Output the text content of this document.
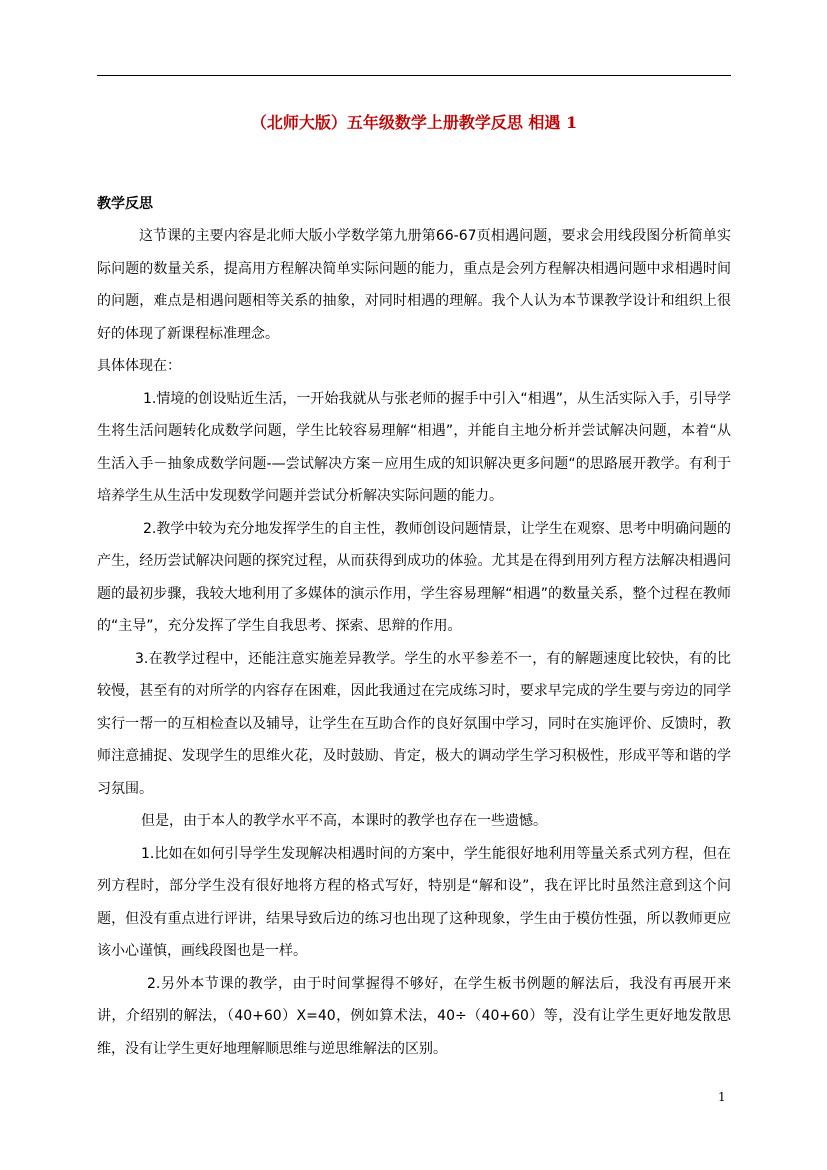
（北师大版）五年级数学上册教学反思 相遇 1
教学反思

这节课的主要内容是北师大版小学数学第九册第66-67页相遇问题，要求会用线段图分析简单实际问题的数量关系，提高用方程解决简单实际问题的能力，重点是会列方程解决相遇问题中求相遇时间的问题，难点是相遇问题相等关系的抽象，对同时相遇的理解。我个人认为本节课教学设计和组织上很好的体现了新课程标准理念。

具体体现在：

1.情境的创设贴近生活，一开始我就从与张老师的握手中引入“相遇”，从生活实际入手，引导学生将生活问题转化成数学问题，学生比较容易理解“相遇”，并能自主地分析并尝试解决问题，本着“从生活入手－抽象成数学问题-—尝试解决方案－应用生成的知识解决更多问题“的思路展开教学。有利于培养学生从生活中发现数学问题并尝试分析解决实际问题的能力。

2.教学中较为充分地发挥学生的自主性，教师创设问题情景，让学生在观察、思考中明确问题的产生，经历尝试解决问题的探究过程，从而获得到成功的体验。尤其是在得到用列方程方法解决相遇问题的最初步骤，我较大地利用了多媒体的演示作用，学生容易理解“相遇”的数量关系，整个过程在教师的“主导”，充分发挥了学生自我思考、探索、思辩的作用。

3.在教学过程中，还能注意实施差异教学。学生的水平参差不一，有的解题速度比较快，有的比较慢，甚至有的对所学的内容存在困难，因此我通过在完成练习时，要求早完成的学生要与旁边的同学实行一帮一的互相检查以及辅导，让学生在互助合作的良好氛围中学习，同时在实施评价、反馈时，教师注意捕捉、发现学生的思维火花，及时鼓励、肯定，极大的调动学生学习积极性，形成平等和谐的学习氛围。

但是，由于本人的教学水平不高，本课时的教学也存在一些遗憾。

1.比如在如何引导学生发现解决相遇时间的方案中，学生能很好地利用等量关系式列方程，但在列方程时，部分学生没有很好地将方程的格式写好，特别是“解和设”，我在评比时虽然注意到这个问题，但没有重点进行评讲，结果导致后边的练习也出现了这种现象，学生由于模仿性强，所以教师更应该小心谨慎，画线段图也是一样。

2.另外本节课的教学，由于时间掌握得不够好，在学生板书例题的解法后，我没有再展开来讲，介绍别的解法，（40+60）X=40，例如算术法，40÷（40+60）等，没有让学生更好地发散思维，没有让学生更好地理解顺思维与逆思维解法的区别。

1
